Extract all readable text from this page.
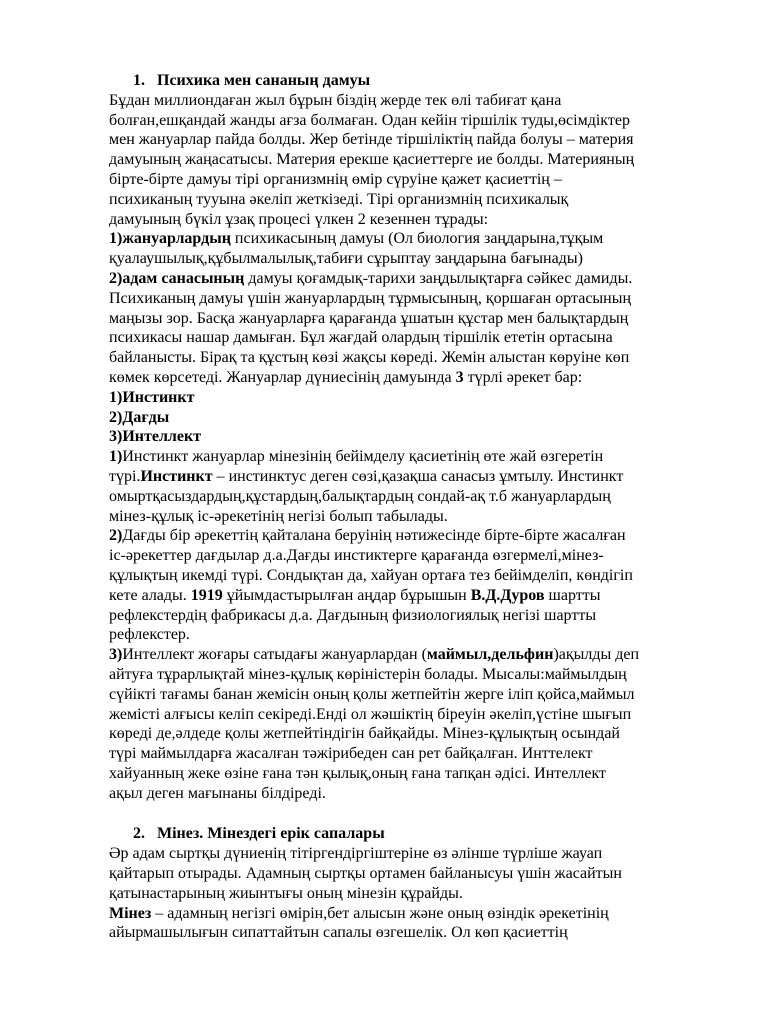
1. Психика мен сананың дамуы

Бұдан миллиондаған жыл бұрын біздің жерде тек өлі табиғат қана

болған,ешқандай жанды ағза болмаған. Одан кейін тіршілік туды,өсімдіктер

мен жануарлар пайда болды. Жер бетінде тіршіліктің пайда болуы – материя

дамуының жаңасатысы. Материя ерекше қасиеттерге ие болды. Материяның

бірте-бірте дамуы тірі организмнің өмір сүруіне қажет қасиеттің –

психиканың тууына әкеліп жеткізеді. Тірі организмнің психикалық

дамуының бүкіл ұзақ процесі үлкен 2 кезеннен тұрады:

1)жануарлардың психикасының дамуы (Ол биология заңдарына,тұқым

қуалаушылық,құбылмалылық,табиғи сұрыптау заңдарына бағынады)

2)адам санасының дамуы қоғамдық-тарихи заңдылықтарға сәйкес дамиды.

Психиканың дамуы үшін жануарлардың тұрмысының, қоршаған ортасының

маңызы зор. Басқа жануарларға қарағанда ұшатын құстар мен балықтардың

психикасы нашар дамыған. Бұл жағдай олардың тіршілік ететін ортасына

байланысты. Бірақ та құстың көзі жақсы көреді. Жемін алыстан көруіне көп

көмек көрсетеді. Жануарлар дүниесінің дамуында 3 түрлі әрекет бар:

1)Инстинкт

2)Дағды

3)Интеллект

1)Инстинкт жануарлар мінезінің бейімделу қасиетінің өте жай өзгеретін

түрі.Инстинкт – инстинктус деген сөзі,қазақша санасыз ұмтылу. Инстинкт

омыртқасыздардың,құстардың,балықтардың сондай-ақ т.б жануарлардың

мінез-құлық іс-әрекетінің негізі болып табылады.

2)Дағды бір әрекеттің қайталана беруінің нәтижесінде бірте-бірте жасалған

іс-әрекеттер дағдылар д.а.Дағды инстиктерге қарағанда өзгермелі,мінез-

құлықтың икемді түрі. Сондықтан да, хайуан ортаға тез бейімделіп, көндігіп

кете алады. 1919 ұйымдастырылған аңдар бұрышын В.Д.Дуров шартты

рефлекстердің фабрикасы д.а. Дағдының физиологиялық негізі шартты

рефлекстер.

3)Интеллект жоғары сатыдағы жануарлардан (маймыл,дельфин)ақылды деп

айтуға тұрарлықтай мінез-құлық көріністерін болады. Мысалы:маймылдың

сүйікті тағамы банан жемісін оның қолы жетпейтін жерге іліп қойса,маймыл

жемісті алғысы келіп секіреді.Енді ол жәшіктің біреуін әкеліп,үстіне шығып

көреді де,әлдеде қолы жетпейтіндігін байқайды. Мінез-құлықтың осындай

түрі маймылдарға жасалған тәжірибеден сан рет байқалған. Инттелект

хайуанның жеке өзіне ғана тән қылық,оның ғана тапқан әдісі. Интеллект

ақыл деген мағынаны білдіреді.

2. Мінез. Мінездегі ерік сапалары

Әр адам сыртқы дүниенің тітіргендіргіштеріне өз әлінше түрліше жауап

қайтарып отырады. Адамның сыртқы ортамен байланысуы үшін жасайтын

қатынастарының жиынтығы оның мінезін құрайды.

Мінез – адамның негізгі өмірін,бет алысын және оның өзіндік әрекетінің

айырмашылығын сипаттайтын сапалы өзгешелік. Ол көп қасиеттің
